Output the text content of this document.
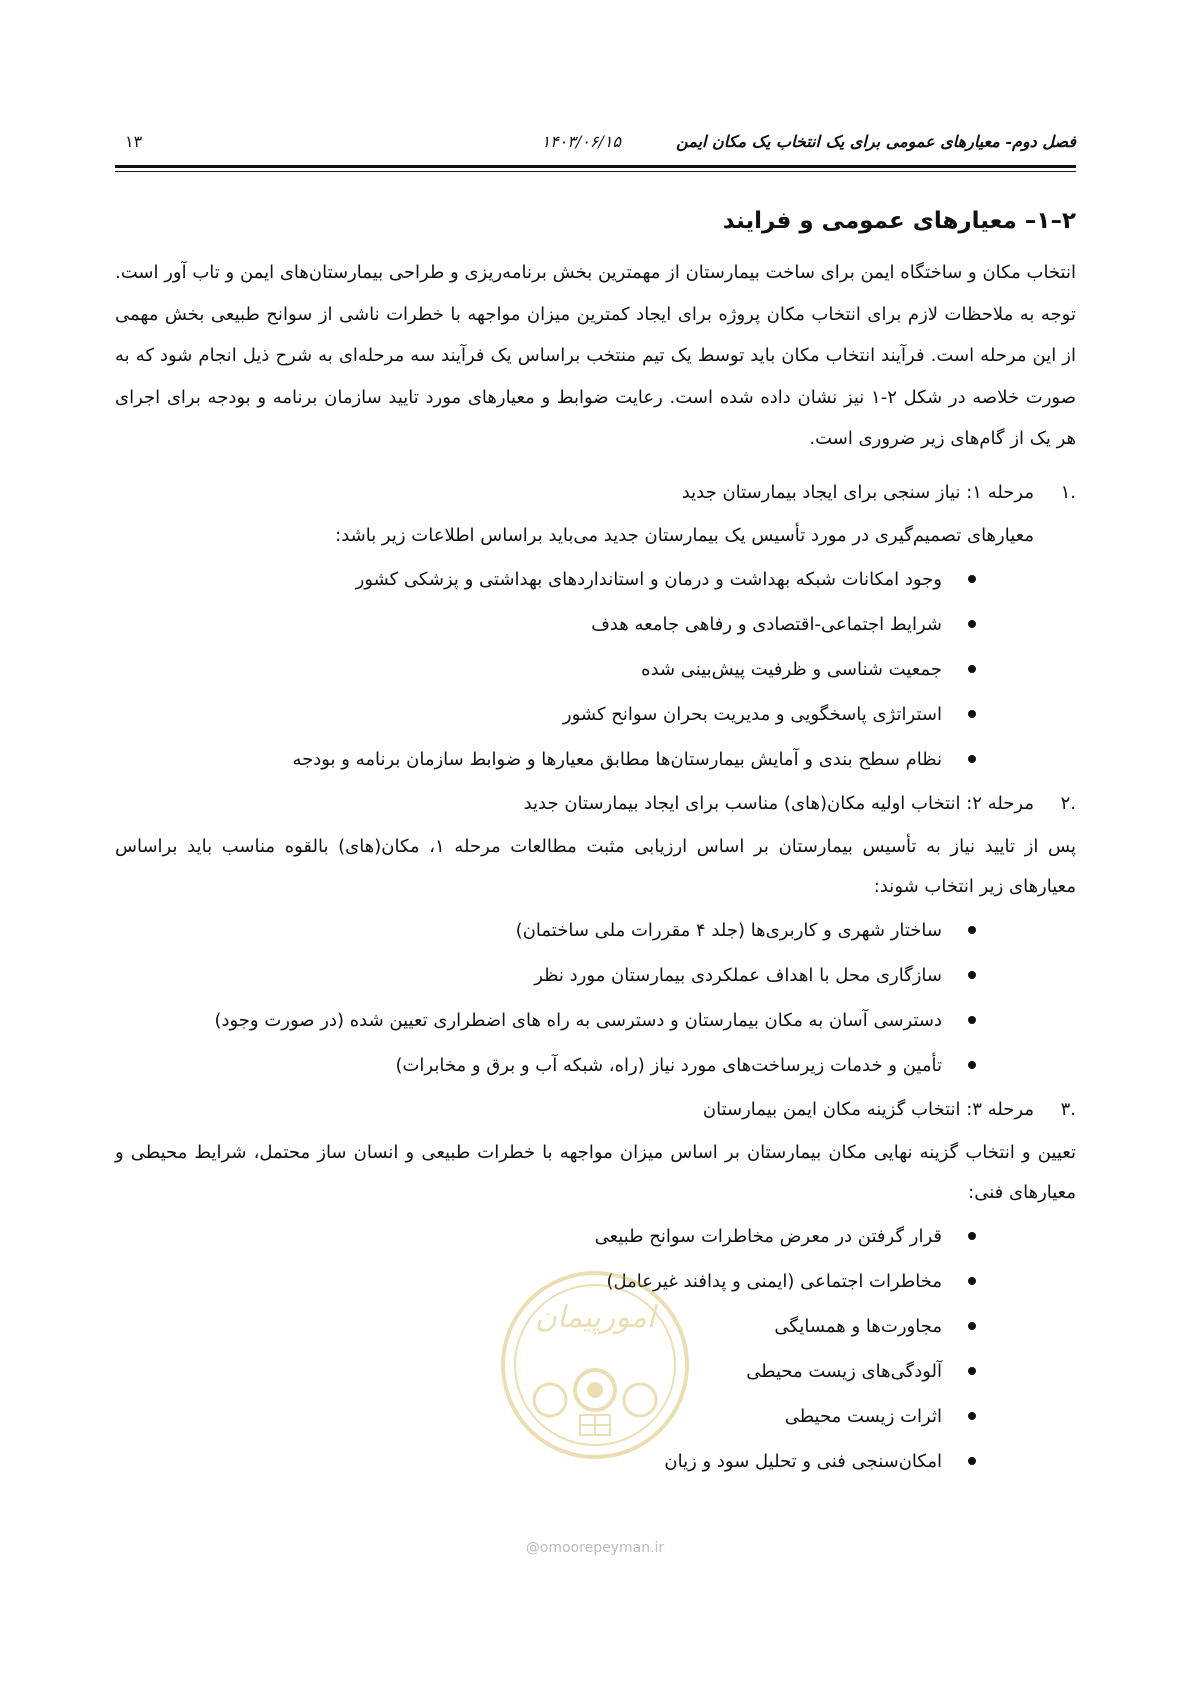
فصل دوم- معیارهای عمومی برای یک انتخاب یک مکان ایمن
۱۴۰۳/۰۶/۱۵
۱۳
۲–۱– معیارهای عمومی و فرایند

انتخاب مکان و ساختگاه ایمن برای ساخت بیمارستان از مهمترین بخش برنامه‌ریزی و طراحی بیمارستان‌های ایمن و تاب آور است. توجه به ملاحظات لازم برای انتخاب مکان پروژه برای ایجاد کمترین میزان مواجهه با خطرات ناشی از سوانح طبیعی بخش مهمی از این مرحله است. فرآیند انتخاب مکان باید توسط یک تیم منتخب براساس یک فرآیند سه مرحله‌ای به شرح ذیل انجام شود که به صورت خلاصه در شکل ۲-۱ نیز نشان داده شده است. رعایت ضوابط و معیارهای مورد تایید سازمان برنامه و بودجه برای اجرای هر یک از گام‌های زیر ضروری است.

.۱
مرحله ۱: نیاز سنجی برای ایجاد بیمارستان جدید

معیارهای تصمیم‌گیری در مورد تأسیس یک بیمارستان جدید می‌باید براساس اطلاعات زیر باشد:

وجود امکانات شبکه بهداشت و درمان و استانداردهای بهداشتی و پزشکی کشور
شرایط اجتماعی-اقتصادی و رفاهی جامعه هدف
جمعیت شناسی و ظرفیت پیش‌بینی شده
استراتژی پاسخگویی و مدیریت بحران سوانح کشور
نظام سطح بندی و آمایش بیمارستان‌ها مطابق معیارها و ضوابط سازمان برنامه و بودجه
.۲
مرحله ۲: انتخاب اولیه مکان(های) مناسب برای ایجاد بیمارستان جدید

پس از تایید نیاز به تأسیس بیمارستان بر اساس ارزیابی مثبت مطالعات مرحله ۱، مکان(های) بالقوه مناسب باید براساس معیارهای زیر انتخاب شوند:

ساختار شهری و کاربری‌ها (جلد ۴ مقررات ملی ساختمان)
سازگاری محل با اهداف عملکردی بیمارستان مورد نظر
دسترسی آسان به مکان بیمارستان و دسترسی به راه های اضطراری تعیین شده (در صورت وجود)
تأمین و خدمات زیرساخت‌های مورد نیاز (راه، شبکه آب و برق و مخابرات)
.۳
مرحله ۳: انتخاب گزینه مکان ایمن بیمارستان

تعیین و انتخاب گزینه نهایی مکان بیمارستان بر اساس میزان مواجهه با خطرات طبیعی و انسان ساز محتمل، شرایط محیطی و معیارهای فنی:

قرار گرفتن در معرض مخاطرات سوانح طبیعی
مخاطرات اجتماعی (ایمنی و پدافند غیرعامل)
مجاورت‌ها و همسایگی
آلودگی‌های زیست محیطی
اثرات زیست محیطی
امکان‌سنجی فنی و تحلیل سود و زیان
امورپیمان
@omoorepeyman.ir
